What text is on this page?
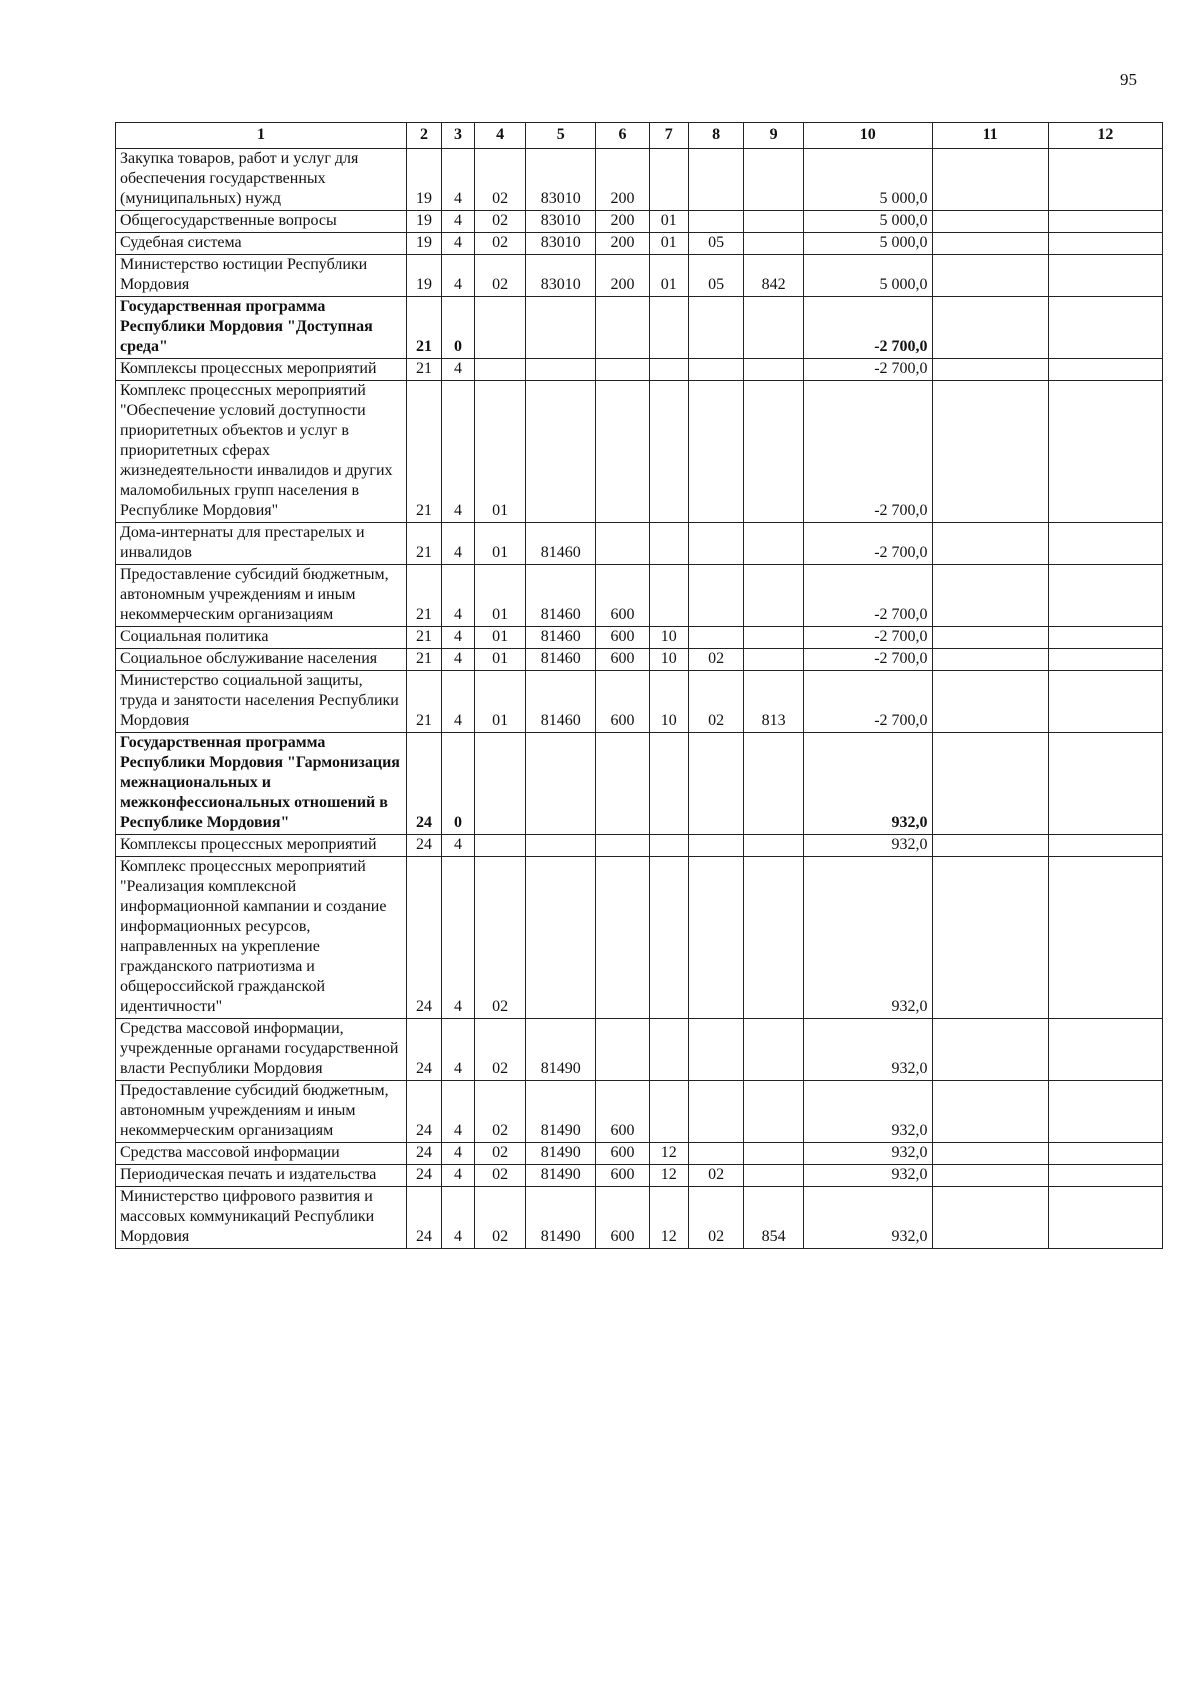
95
1	2	3	4	5	6	7	8	9	10	11	12
Закупка товаров, работ и услуг для обеспечения государственных (муниципальных) нужд	19	4	02	83010	200				5 000,0		
Общегосударственные вопросы	19	4	02	83010	200	01			5 000,0		
Судебная система	19	4	02	83010	200	01	05		5 000,0		
Министерство юстиции Республики Мордовия	19	4	02	83010	200	01	05	842	5 000,0		
Государственная программа Республики Мордовия "Доступная среда"	21	0							-2 700,0		
Комплексы процессных мероприятий	21	4							-2 700,0		
Комплекс процессных мероприятий "Обеспечение условий доступности приоритетных объектов и услуг в приоритетных сферах жизнедеятельности инвалидов и других маломобильных групп населения в Республике Мордовия"	21	4	01						-2 700,0		
Дома-интернаты для престарелых и инвалидов	21	4	01	81460					-2 700,0		
Предоставление субсидий бюджетным, автономным учреждениям и иным некоммерческим организациям	21	4	01	81460	600				-2 700,0		
Социальная политика	21	4	01	81460	600	10			-2 700,0		
Социальное обслуживание населения	21	4	01	81460	600	10	02		-2 700,0		
Министерство социальной защиты, труда и занятости населения Республики Мордовия	21	4	01	81460	600	10	02	813	-2 700,0		
Государственная программа Республики Мордовия "Гармонизация межнациональных и межконфессиональных отношений в Республике Мордовия"	24	0							932,0		
Комплексы процессных мероприятий	24	4							932,0		
Комплекс процессных мероприятий "Реализация комплексной информационной кампании и создание информационных ресурсов, направленных на укрепление гражданского патриотизма и общероссийской гражданской идентичности"	24	4	02						932,0		
Средства массовой информации, учрежденные органами государственной власти Республики Мордовия	24	4	02	81490					932,0		
Предоставление субсидий бюджетным, автономным учреждениям и иным некоммерческим организациям	24	4	02	81490	600				932,0		
Средства массовой информации	24	4	02	81490	600	12			932,0		
Периодическая печать и издательства	24	4	02	81490	600	12	02		932,0		
Министерство цифрового развития и массовых коммуникаций Республики Мордовия	24	4	02	81490	600	12	02	854	932,0		
